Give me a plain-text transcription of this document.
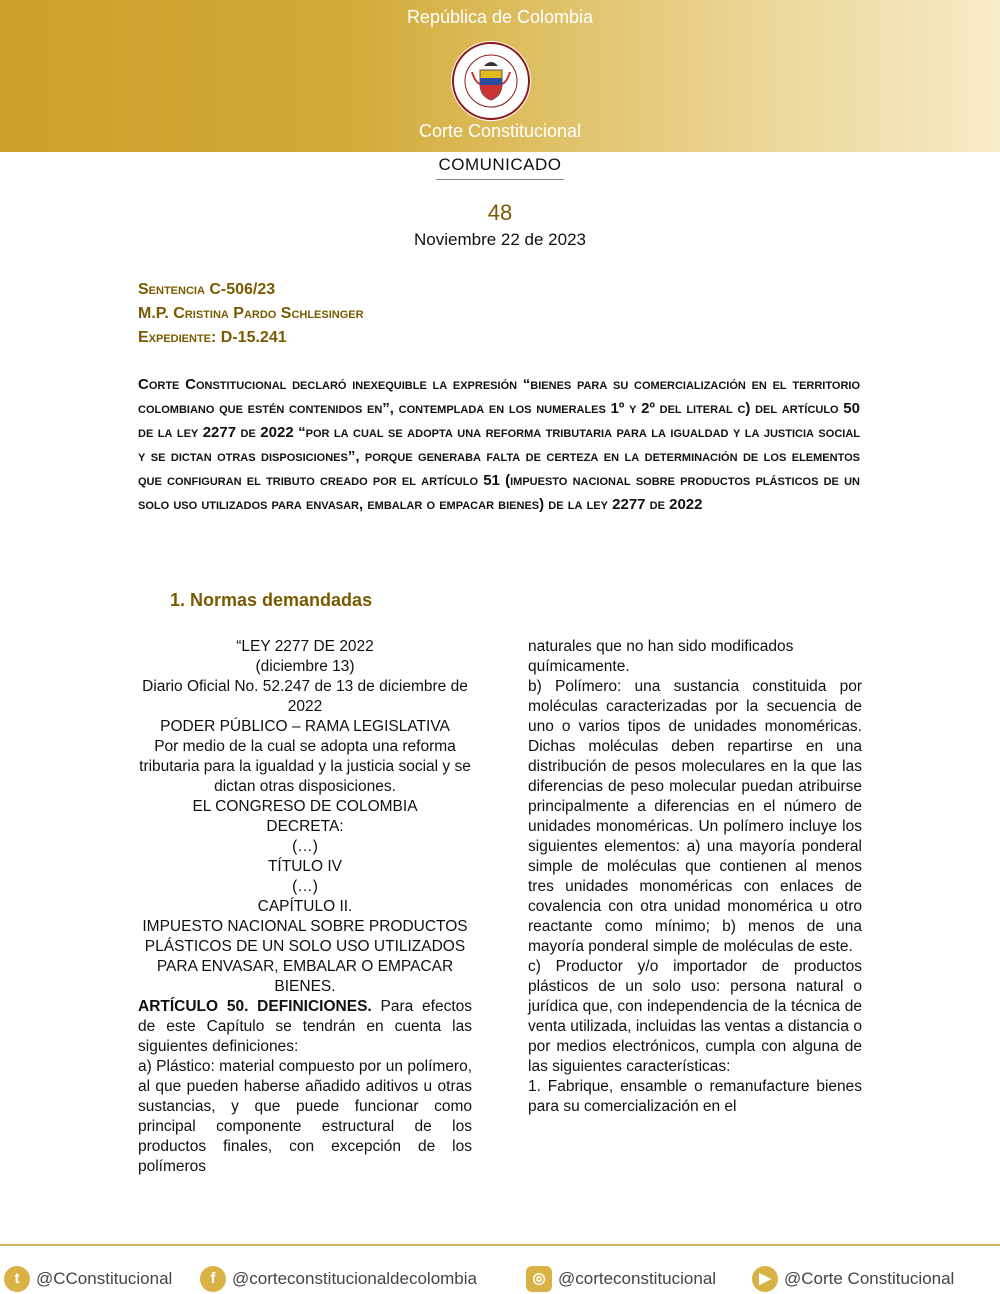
República de Colombia
Corte Constitucional
COMUNICADO
48
Noviembre 22 de 2023
Sentencia C-506/23
M.P. Cristina Pardo Schlesinger
Expediente: D-15.241
Corte Constitucional declaró inexequible la expresión “bienes para su comercialización en el territorio colombiano que estén contenidos en”, contemplada en los numerales 1º y 2º del literal c) del artículo 50 de la ley 2277 de 2022 “por la cual se adopta una reforma tributaria para la igualdad y la justicia social y se dictan otras disposiciones”, porque generaba falta de certeza en la determinación de los elementos que configuran el tributo creado por el artículo 51 (impuesto nacional sobre productos plásticos de un solo uso utilizados para envasar, embalar o empacar bienes) de la ley 2277 de 2022
1. Normas demandadas

“LEY 2277 DE 2022

(diciembre 13)

Diario Oficial No. 52.247 de 13 de diciembre de 2022

PODER PÚBLICO – RAMA LEGISLATIVA

Por medio de la cual se adopta una reforma tributaria para la igualdad y la justicia social y se dictan otras disposiciones.

EL CONGRESO DE COLOMBIA

DECRETA:

(…)

TÍTULO IV

(…)

CAPÍTULO II.

IMPUESTO NACIONAL SOBRE PRODUCTOS PLÁSTICOS DE UN SOLO USO UTILIZADOS PARA ENVASAR, EMBALAR O EMPACAR BIENES.

ARTÍCULO 50. DEFINICIONES. Para efectos de este Capítulo se tendrán en cuenta las siguientes definiciones:

a) Plástico: material compuesto por un polímero, al que pueden haberse añadido aditivos u otras sustancias, y que puede funcionar como principal componente estructural de los productos finales, con excepción de los polímeros

naturales que no han sido modificados químicamente.

b) Polímero: una sustancia constituida por moléculas caracterizadas por la secuencia de uno o varios tipos de unidades monoméricas. Dichas moléculas deben repartirse en una distribución de pesos moleculares en la que las diferencias de peso molecular puedan atribuirse principalmente a diferencias en el número de unidades monoméricas. Un polímero incluye los siguientes elementos: a) una mayoría ponderal simple de moléculas que contienen al menos tres unidades monoméricas con enlaces de covalencia con otra unidad monomérica u otro reactante como mínimo; b) menos de una mayoría ponderal simple de moléculas de este.

c) Productor y/o importador de productos plásticos de un solo uso: persona natural o jurídica que, con independencia de la técnica de venta utilizada, incluidas las ventas a distancia o por medios electrónicos, cumpla con alguna de las siguientes características:

1. Fabrique, ensamble o remanufacture bienes para su comercialización en el

t @CConstitucional	f @corteconstitucionaldecolombia	◎ @corteconstitucional	▶ @Corte Constitucional
